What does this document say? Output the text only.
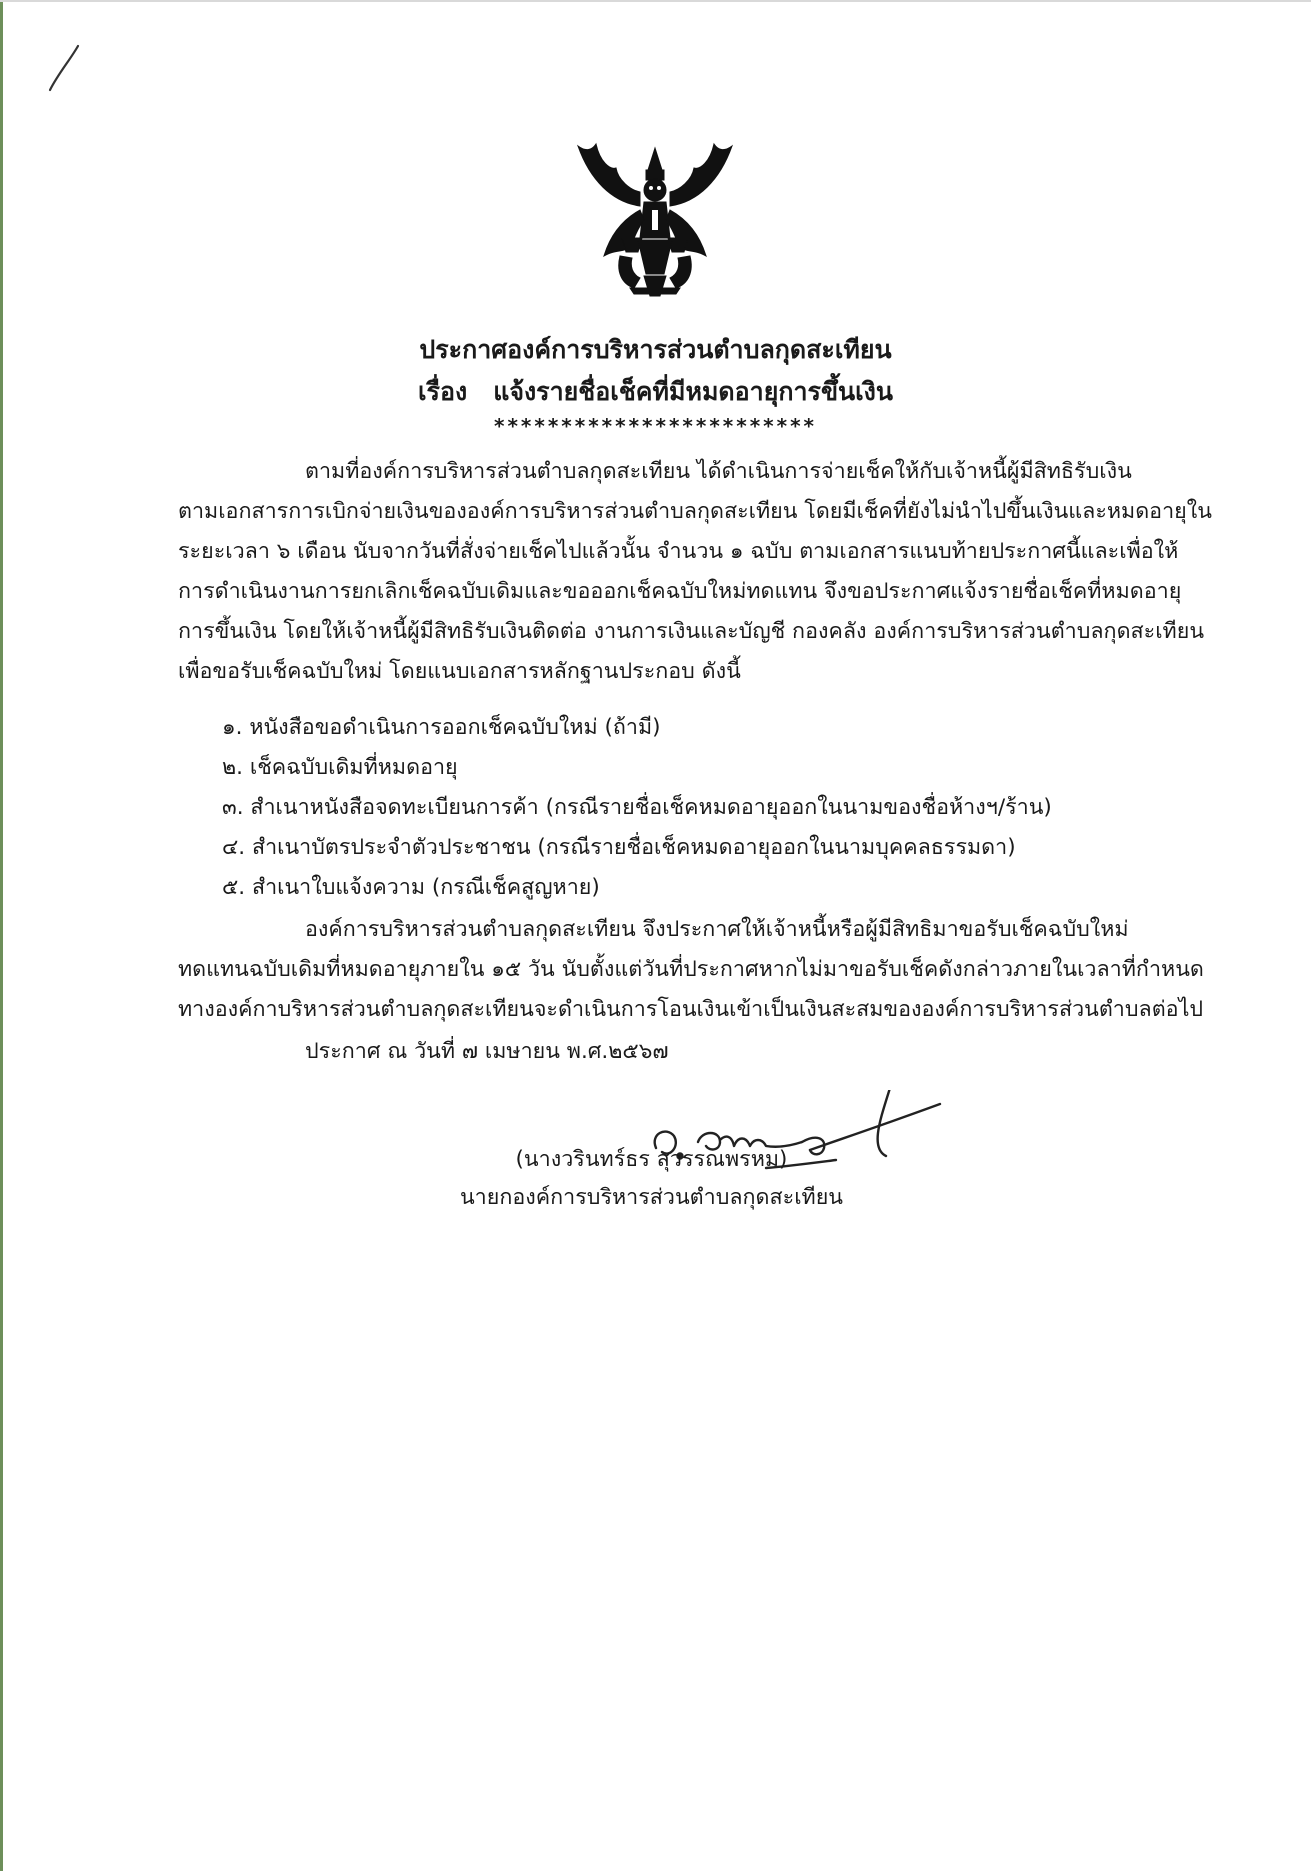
ประกาศองค์การบริหารส่วนตำบลกุดสะเทียน
เรื่อง แจ้งรายชื่อเช็คที่มีหมดอายุการขึ้นเงิน
************************
ตามที่องค์การบริหารส่วนตำบลกุดสะเทียน ได้ดำเนินการจ่ายเช็คให้กับเจ้าหนี้ผู้มีสิทธิรับเงิน
ตามเอกสารการเบิกจ่ายเงินขององค์การบริหารส่วนตำบลกุดสะเทียน โดยมีเช็คที่ยังไม่นำไปขึ้นเงินและหมดอายุใน
ระยะเวลา ๖ เดือน นับจากวันที่สั่งจ่ายเช็คไปแล้วนั้น จำนวน ๑ ฉบับ ตามเอกสารแนบท้ายประกาศนี้และเพื่อให้
การดำเนินงานการยกเลิกเช็คฉบับเดิมและขอออกเช็คฉบับใหม่ทดแทน จึงขอประกาศแจ้งรายชื่อเช็คที่หมดอายุ
การขึ้นเงิน โดยให้เจ้าหนี้ผู้มีสิทธิรับเงินติดต่อ งานการเงินและบัญชี กองคลัง องค์การบริหารส่วนตำบลกุดสะเทียน
เพื่อขอรับเช็คฉบับใหม่ โดยแนบเอกสารหลักฐานประกอบ ดังนี้
๑. หนังสือขอดำเนินการออกเช็คฉบับใหม่ (ถ้ามี)
๒. เช็คฉบับเดิมที่หมดอายุ
๓. สำเนาหนังสือจดทะเบียนการค้า (กรณีรายชื่อเช็คหมดอายุออกในนามของชื่อห้างฯ/ร้าน)
๔. สำเนาบัตรประจำตัวประชาชน (กรณีรายชื่อเช็คหมดอายุออกในนามบุคคลธรรมดา)
๕. สำเนาใบแจ้งความ (กรณีเช็คสูญหาย)
องค์การบริหารส่วนตำบลกุดสะเทียน จึงประกาศให้เจ้าหนี้หรือผู้มีสิทธิมาขอรับเช็คฉบับใหม่
ทดแทนฉบับเดิมที่หมดอายุภายใน ๑๕ วัน นับตั้งแต่วันที่ประกาศหากไม่มาขอรับเช็คดังกล่าวภายในเวลาที่กำหนด
ทางองค์กาบริหารส่วนตำบลกุดสะเทียนจะดำเนินการโอนเงินเข้าเป็นเงินสะสมขององค์การบริหารส่วนตำบลต่อไป
ประกาศ ณ วันที่ ๗ เมษายน พ.ศ.๒๕๖๗
(นางวรินทร์ธร สุวรรณพรหม)
นายกองค์การบริหารส่วนตำบลกุดสะเทียน
